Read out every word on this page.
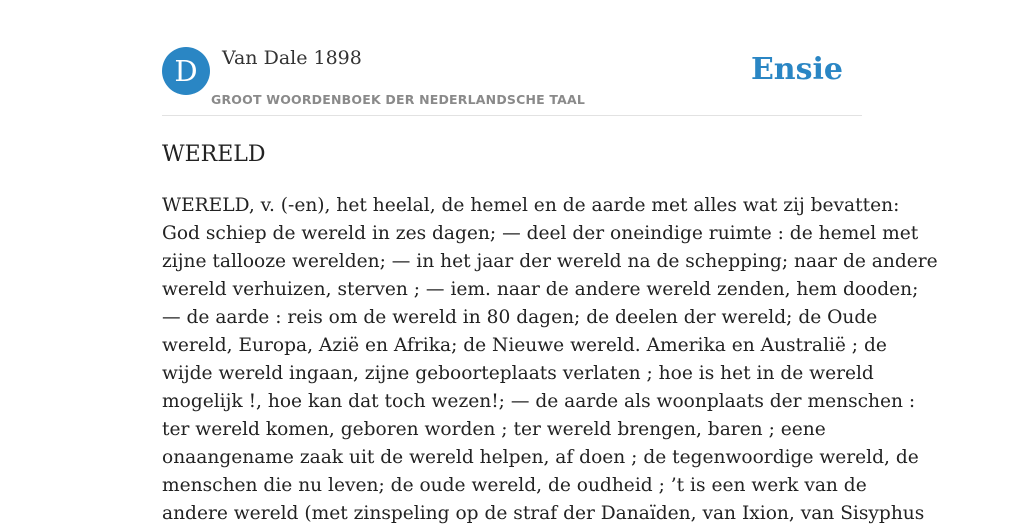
D	Van Dale 1898
GROOT WOORDENBOEK DER NEDERLANDSCHE TAAL
Ensie
WERELD

WERELD, v. (-en), het heelal, de hemel en de aarde met alles wat zij bevatten:
God schiep de wereld in zes dagen; — deel der oneindige ruimte : de hemel met
zijne tallooze werelden; — in het jaar der wereld na de schepping; naar de andere
wereld verhuizen, sterven ; — iem. naar de andere wereld zenden, hem dooden;
— de aarde : reis om de wereld in 80 dagen; de deelen der wereld; de Oude
wereld, Europa, Azië en Afrika; de Nieuwe wereld. Amerika en Australië ; de
wijde wereld ingaan, zijne geboorteplaats verlaten ; hoe is het in de wereld
mogelijk !, hoe kan dat toch wezen!; — de aarde als woonplaats der menschen :
ter wereld komen, geboren worden ; ter wereld brengen, baren ; eene
onaangename zaak uit de wereld helpen, af doen ; de tegenwoordige wereld, de
menschen die nu leven; de oude wereld, de oudheid ; ’t is een werk van de
andere wereld (met zinspeling op de straf der Danaïden, van Ixion, van Sisyphus
